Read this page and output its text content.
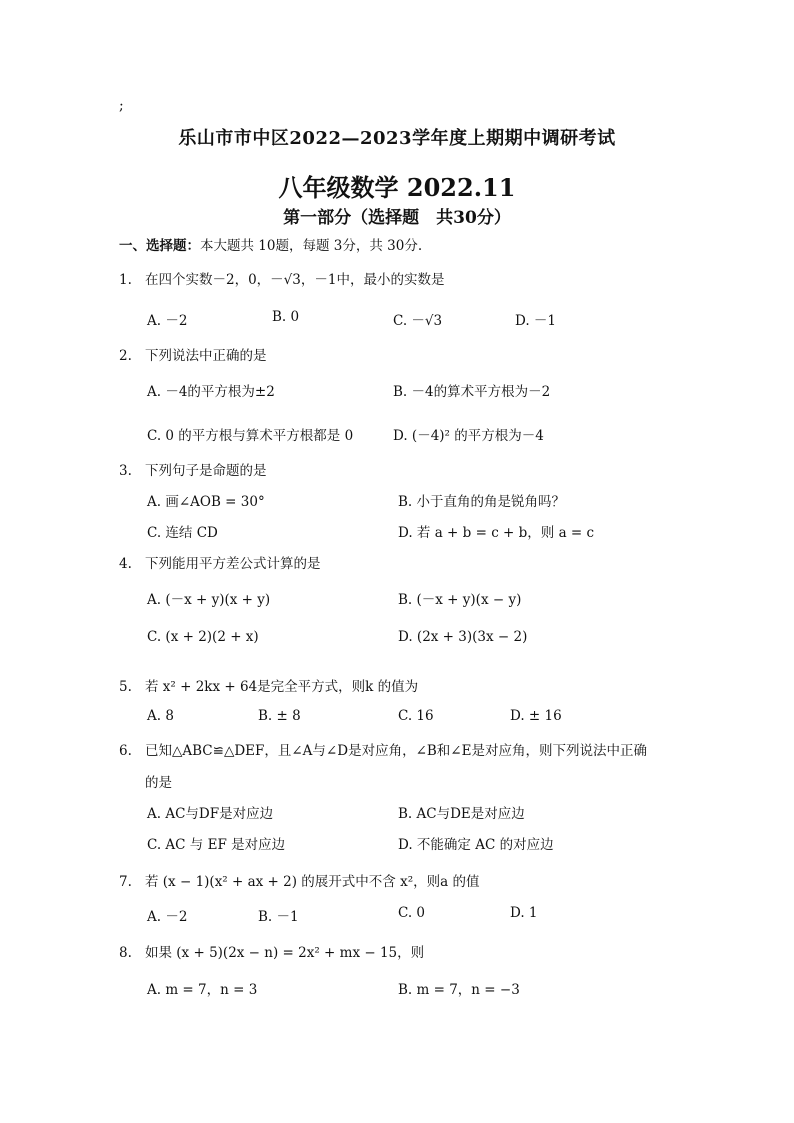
;
乐山市市中区2022—2023学年度上期期中调研考试
八年级数学 2022.11
第一部分（选择题　共30分）
一、选择题：本大题共 10题，每题 3分，共 30分.
1. 在四个实数－2，0，－√3，－1中，最小的实数是
A. －2	B. 0	C. －√3	D. －1
2. 下列说法中正确的是
A. －4的平方根为±2	B. －4的算术平方根为－2
C. 0 的平方根与算术平方根都是 0	D. (－4)² 的平方根为－4
3. 下列句子是命题的是
A. 画∠AOB = 30°	B. 小于直角的角是锐角吗？
C. 连结 CD	D. 若 a + b = c + b，则 a = c
4. 下列能用平方差公式计算的是
A. (－x + y)(x + y)	B. (－x + y)(x − y)
C. (x + 2)(2 + x)	D. (2x + 3)(3x − 2)
5. 若 x² + 2kx + 64是完全平方式，则k 的值为
A. 8	B. ± 8	C. 16	D. ± 16
6. 已知△ABC≌△DEF，且∠A与∠D是对应角，∠B和∠E是对应角，则下列说法中正确
的是
A. AC与DF是对应边	B. AC与DE是对应边
C. AC 与 EF 是对应边	D. 不能确定 AC 的对应边
7. 若 (x − 1)(x² + ax + 2) 的展开式中不含 x²，则a 的值
A. －2	B. －1	C. 0	D. 1
8. 如果 (x + 5)(2x − n) = 2x² + mx − 15，则
A. m = 7，n = 3	B. m = 7，n = −3
